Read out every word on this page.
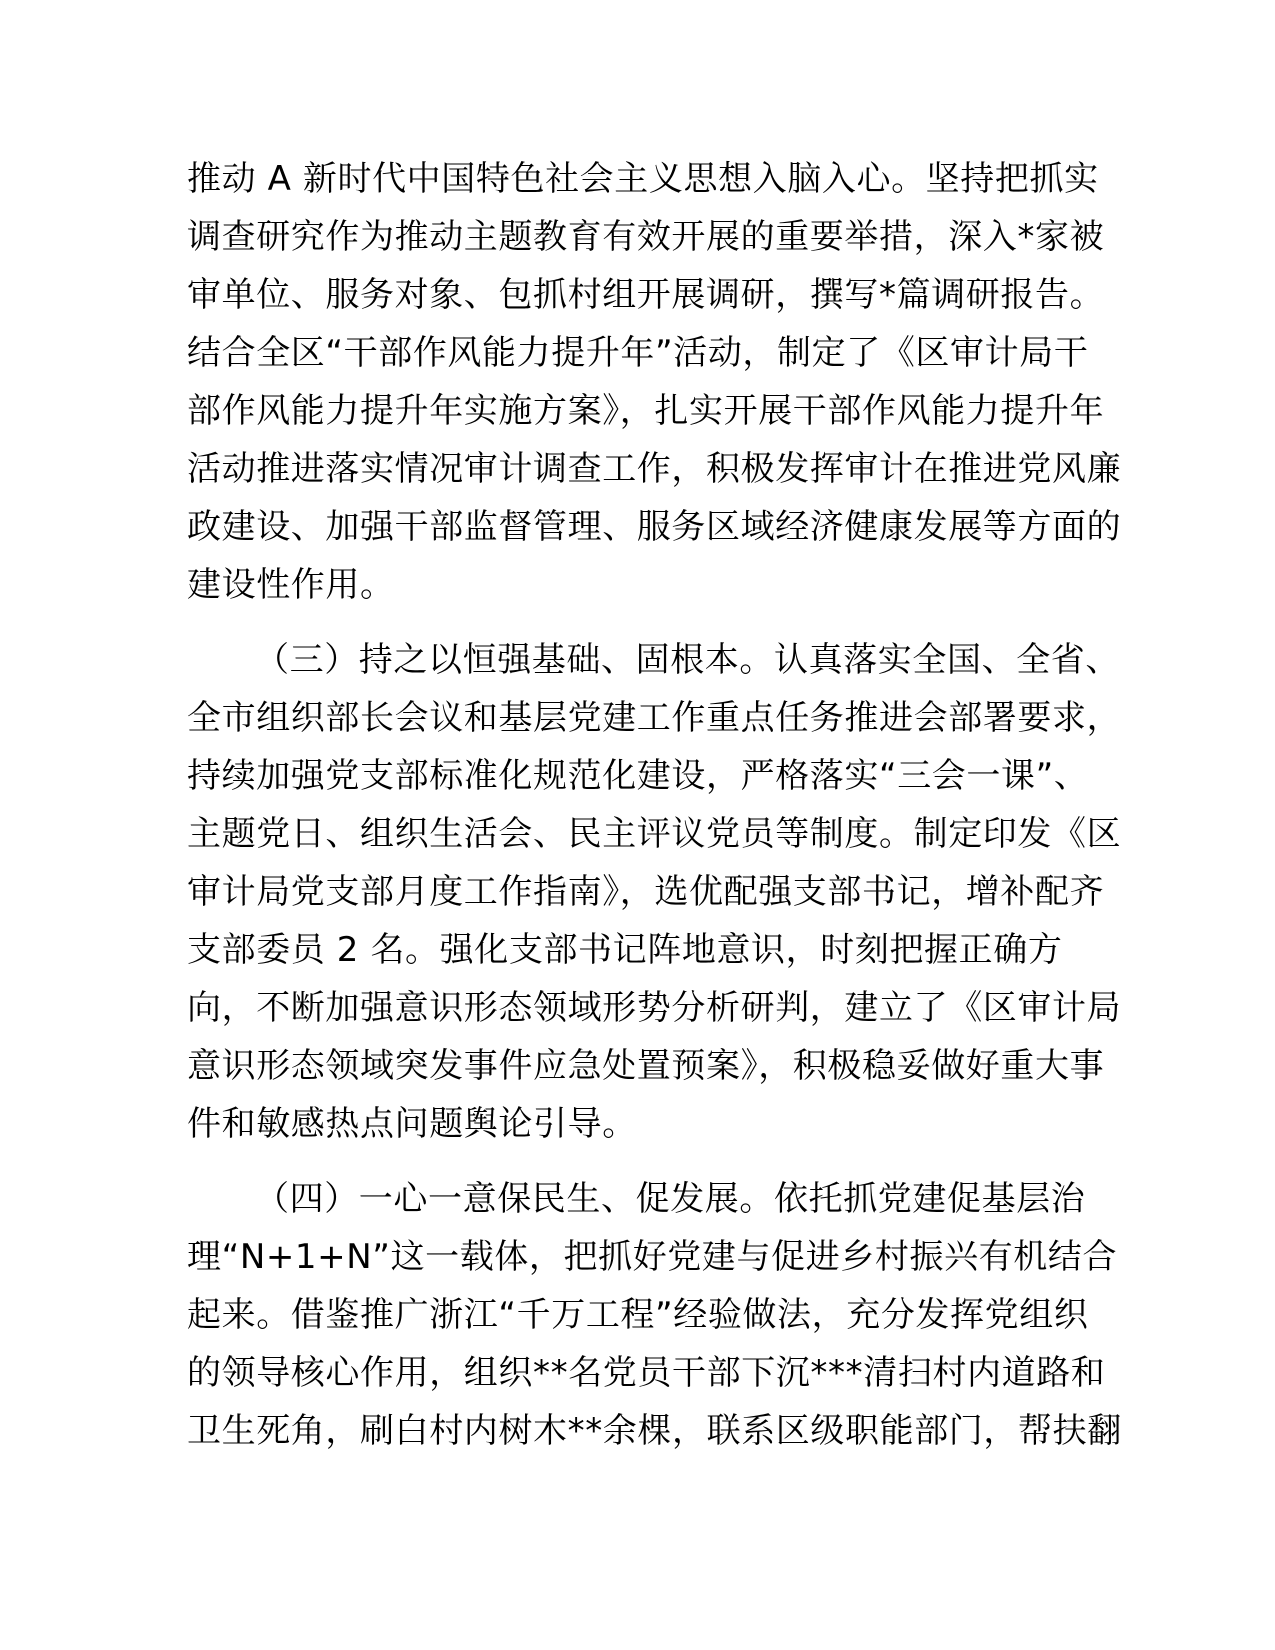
推动 A 新时代中国特色社会主义思想入脑入心。坚持把抓实
调查研究作为推动主题教育有效开展的重要举措，深入*家被
审单位、服务对象、包抓村组开展调研，撰写*篇调研报告。
结合全区“干部作风能力提升年”活动，制定了《区审计局干
部作风能力提升年实施方案》，扎实开展干部作风能力提升年
活动推进落实情况审计调查工作，积极发挥审计在推进党风廉
政建设、加强干部监督管理、服务区域经济健康发展等方面的
建设性作用。
（三）持之以恒强基础、固根本。认真落实全国、全省、
全市组织部长会议和基层党建工作重点任务推进会部署要求，
持续加强党支部标准化规范化建设，严格落实“三会一课”、
主题党日、组织生活会、民主评议党员等制度。制定印发《区
审计局党支部月度工作指南》，选优配强支部书记，增补配齐
支部委员 2 名。强化支部书记阵地意识，时刻把握正确方
向，不断加强意识形态领域形势分析研判，建立了《区审计局
意识形态领域突发事件应急处置预案》，积极稳妥做好重大事
件和敏感热点问题舆论引导。
（四）一心一意保民生、促发展。依托抓党建促基层治
理“N+1+N”这一载体，把抓好党建与促进乡村振兴有机结合
起来。借鉴推广浙江“千万工程”经验做法，充分发挥党组织
的领导核心作用，组织**名党员干部下沉***清扫村内道路和
卫生死角，刷白村内树木**余棵，联系区级职能部门，帮扶翻
